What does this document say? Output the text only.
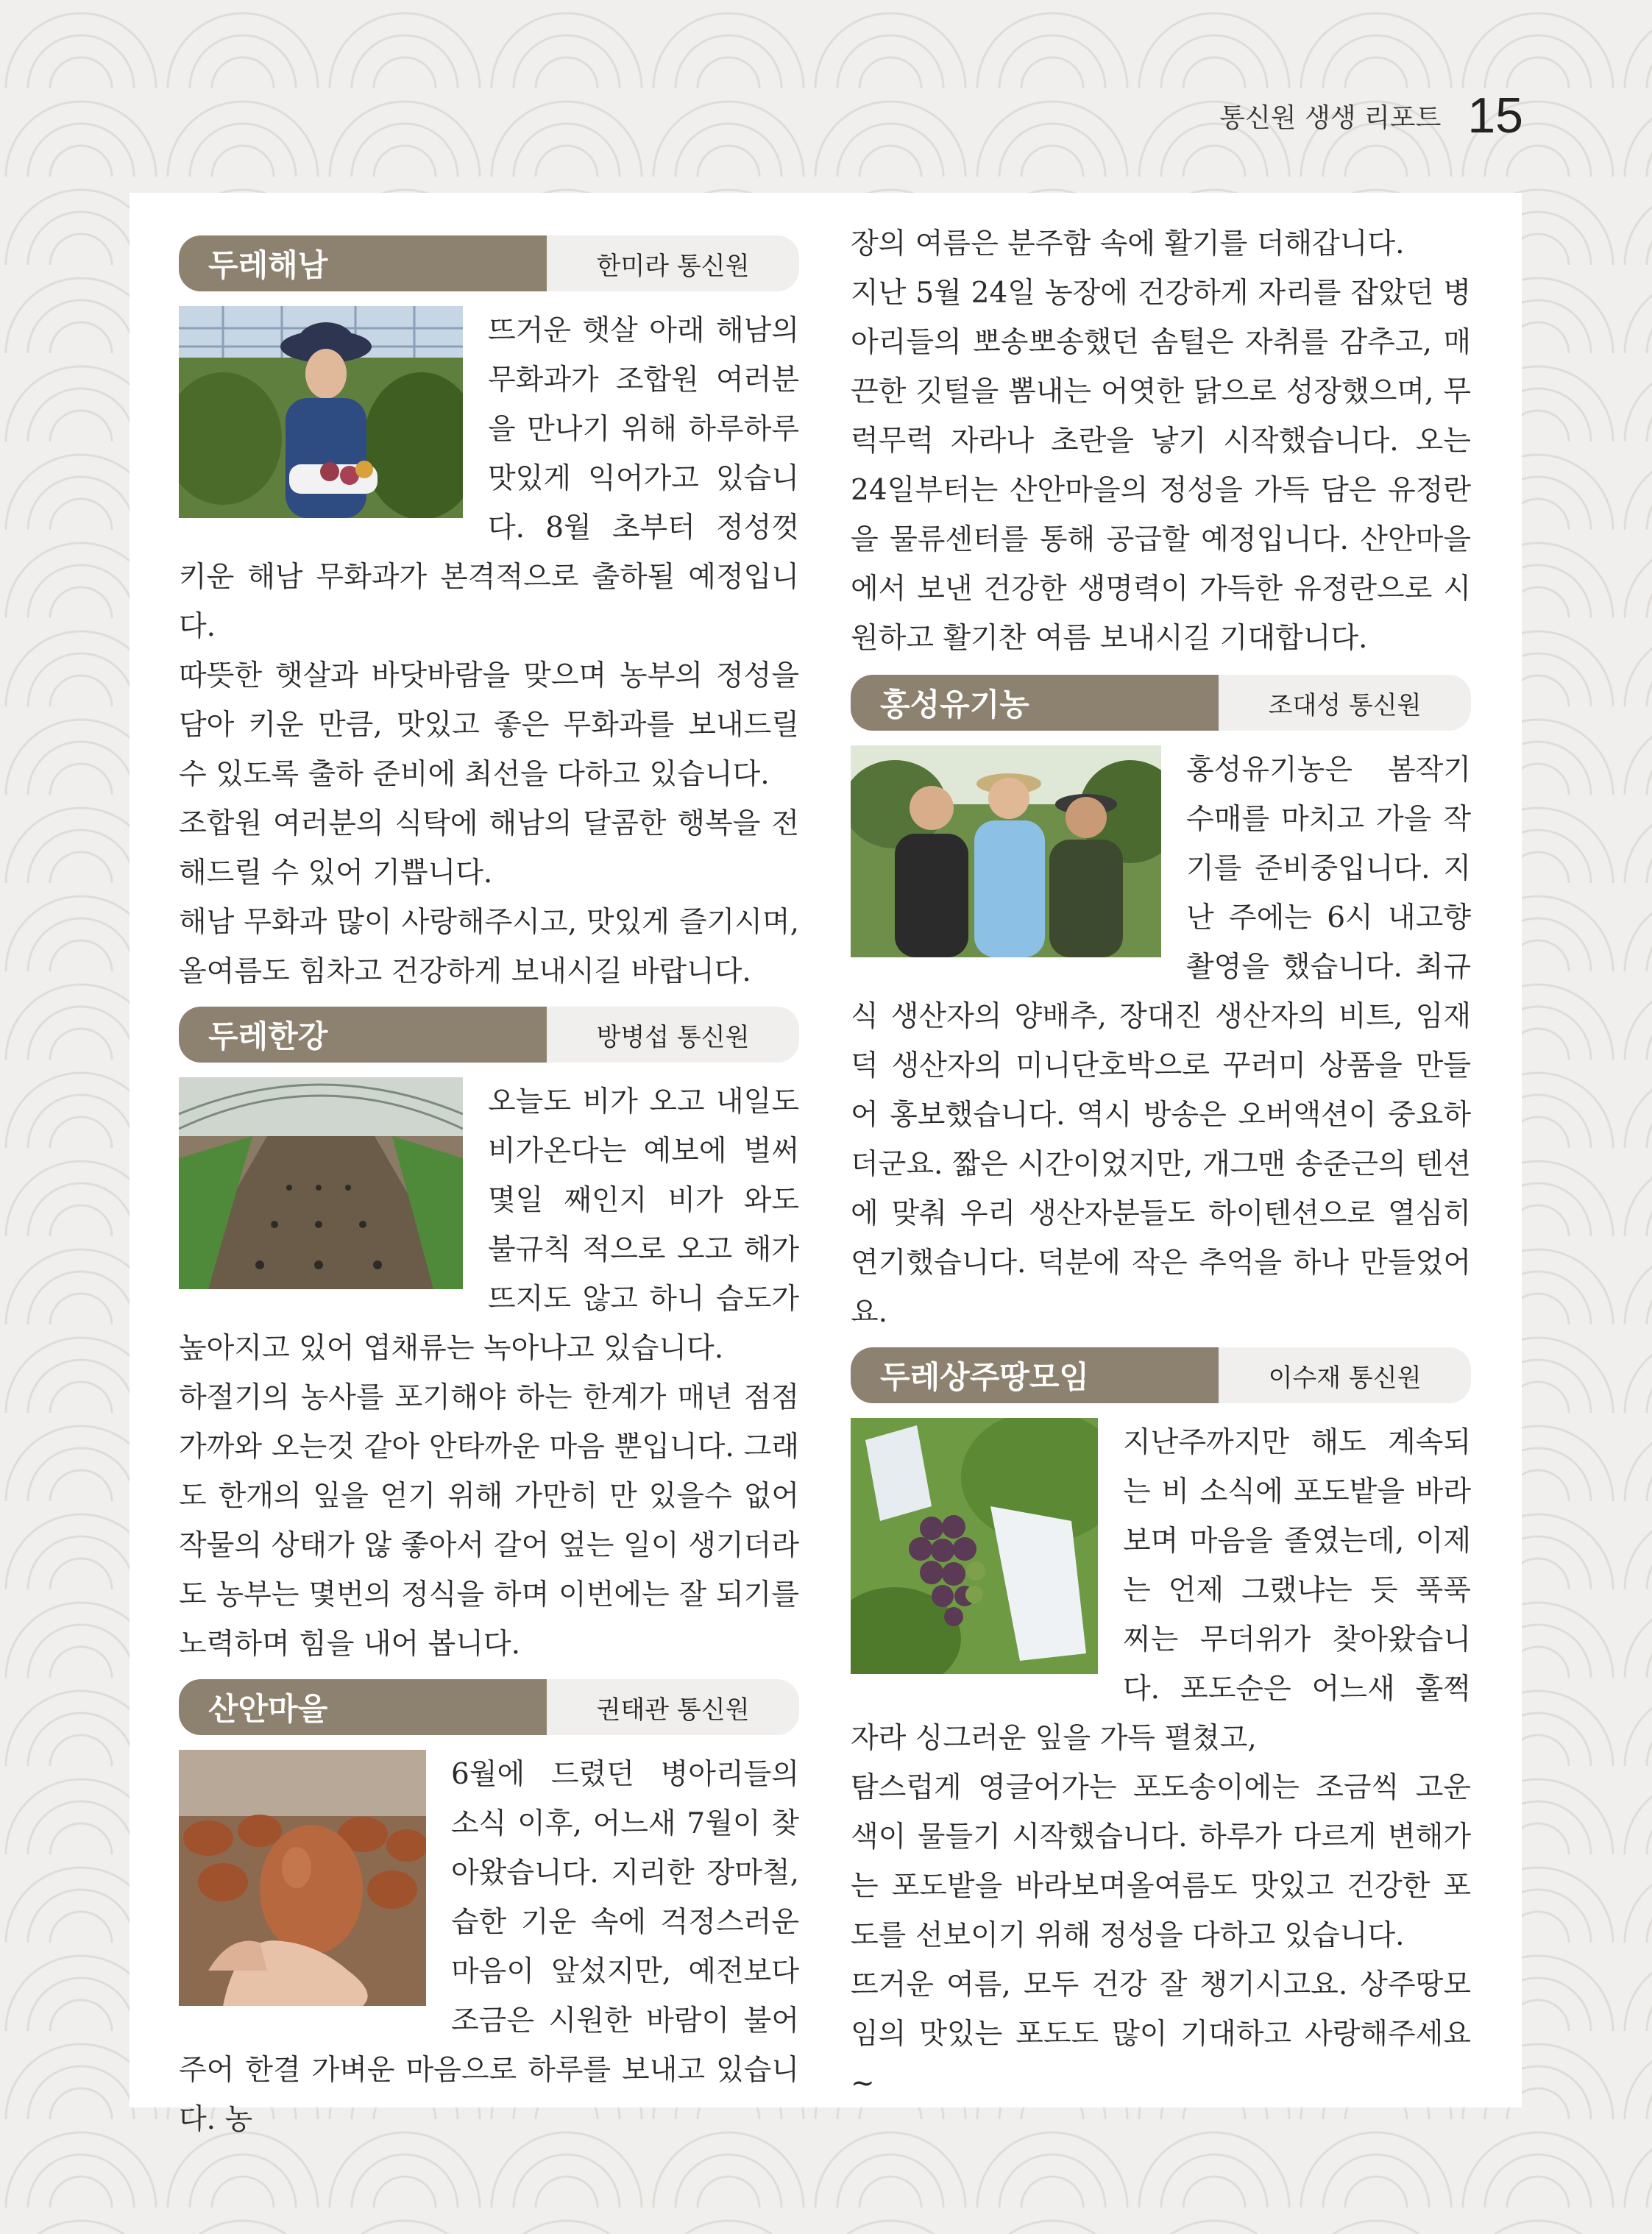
통신원 생생 리포트 15
두레해남	한미라 통신원

뜨거운 햇살 아래 해남의 무화과가 조합원 여러분을 만나기 위해 하루하루 맛있게 익어가고 있습니다. 8월 초부터 정성껏 키운 해남 무화과가 본격적으로 출하될 예정입니다.

따뜻한 햇살과 바닷바람을 맞으며 농부의 정성을 담아 키운 만큼, 맛있고 좋은 무화과를 보내드릴 수 있도록 출하 준비에 최선을 다하고 있습니다.

조합원 여러분의 식탁에 해남의 달콤한 행복을 전해드릴 수 있어 기쁩니다.

해남 무화과 많이 사랑해주시고, 맛있게 즐기시며, 올여름도 힘차고 건강하게 보내시길 바랍니다.

두레한강	방병섭 통신원

오늘도 비가 오고 내일도 비가온다는 예보에 벌써 몇일 째인지 비가 와도 불규칙 적으로 오고 해가 뜨지도 않고 하니 습도가 높아지고 있어 엽채류는 녹아나고 있습니다.

하절기의 농사를 포기해야 하는 한계가 매년 점점 가까와 오는것 같아 안타까운 마음 뿐입니다. 그래도 한개의 잎을 얻기 위해 가만히 만 있을수 없어 작물의 상태가 않 좋아서 갈어 엎는 일이 생기더라도 농부는 몇번의 정식을 하며 이번에는 잘 되기를 노력하며 힘을 내어 봅니다.

산안마을	권태관 통신원

6월에 드렸던 병아리들의 소식 이후, 어느새 7월이 찾아왔습니다. 지리한 장마철, 습한 기운 속에 걱정스러운 마음이 앞섰지만, 예전보다 조금은 시원한 바람이 불어주어 한결 가벼운 마음으로 하루를 보내고 있습니다. 농

장의 여름은 분주함 속에 활기를 더해갑니다.

지난 5월 24일 농장에 건강하게 자리를 잡았던 병아리들의 뽀송뽀송했던 솜털은 자취를 감추고, 매끈한 깃털을 뽐내는 어엿한 닭으로 성장했으며, 무럭무럭 자라나 초란을 낳기 시작했습니다. 오는 24일부터는 산안마을의 정성을 가득 담은 유정란을 물류센터를 통해 공급할 예정입니다. 산안마을에서 보낸 건강한 생명력이 가득한 유정란으로 시원하고 활기찬 여름 보내시길 기대합니다.

홍성유기농	조대성 통신원

홍성유기농은 봄작기 수매를 마치고 가을 작기를 준비중입니다. 지난 주에는 6시 내고향 촬영을 했습니다. 최규식 생산자의 양배추, 장대진 생산자의 비트, 임재덕 생산자의 미니단호박으로 꾸러미 상품을 만들어 홍보했습니다. 역시 방송은 오버액션이 중요하더군요. 짧은 시간이었지만, 개그맨 송준근의 텐션에 맞춰 우리 생산자분들도 하이텐션으로 열심히 연기했습니다. 덕분에 작은 추억을 하나 만들었어요.

두레상주땅모임	이수재 통신원

지난주까지만 해도 계속되는 비 소식에 포도밭을 바라보며 마음을 졸였는데, 이제는 언제 그랬냐는 듯 푹푹 찌는 무더위가 찾아왔습니다. 포도순은 어느새 훌쩍 자라 싱그러운 잎을 가득 펼쳤고,

탐스럽게 영글어가는 포도송이에는 조금씩 고운 색이 물들기 시작했습니다. 하루가 다르게 변해가는 포도밭을 바라보며올여름도 맛있고 건강한 포도를 선보이기 위해 정성을 다하고 있습니다.

뜨거운 여름, 모두 건강 잘 챙기시고요. 상주땅모임의 맛있는 포도도 많이 기대하고 사랑해주세요~
